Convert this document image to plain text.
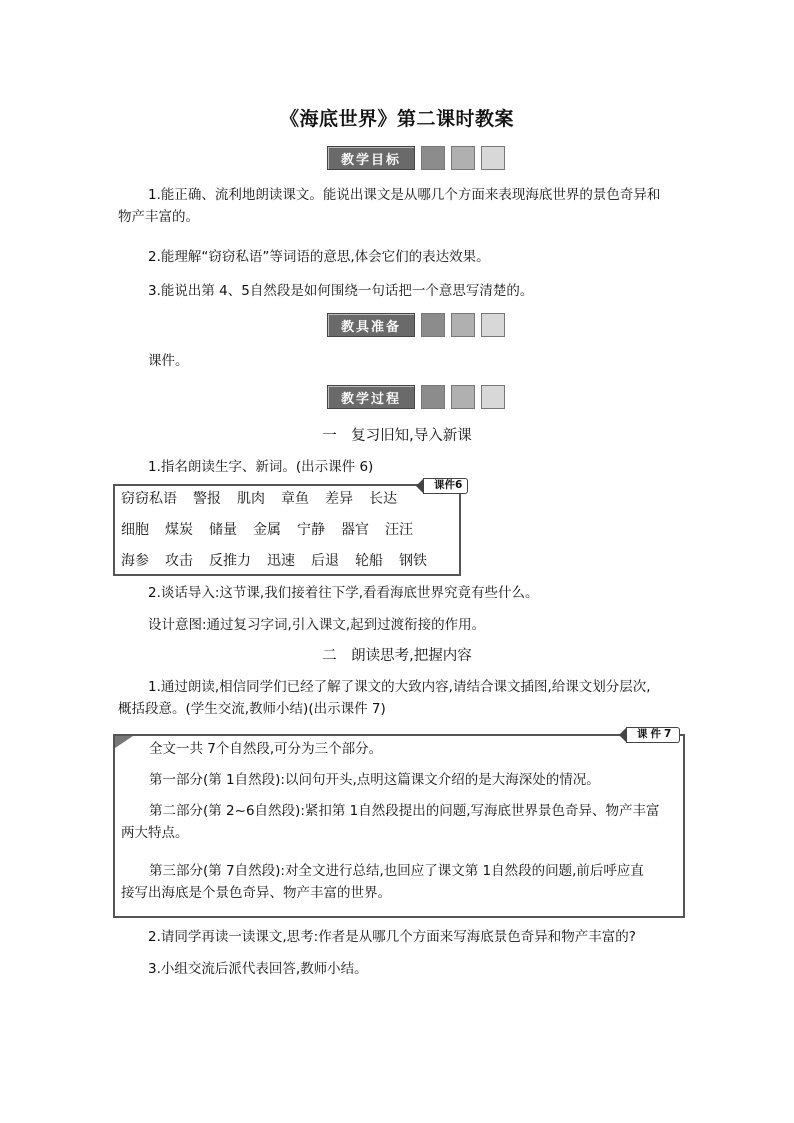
《海底世界》第二课时教案
教学目标
1.能正确、流利地朗读课文。能说出课文是从哪几个方面来表现海底世界的景色奇异和
物产丰富的。
2.能理解“窃窃私语”等词语的意思,体会它们的表达效果。
3.能说出第 4、5自然段是如何围绕一句话把一个意思写清楚的。
教具准备
课件。
教学过程
一　复习旧知,导入新课
1.指名朗读生字、新词。(出示课件 6)
窃窃私语 警报 肌肉 章鱼 差异 长达
细胞 煤炭 储量 金属 宁静 器官 汪汪
海参 攻击 反推力 迅速 后退 轮船 钢铁
课件6
2.谈话导入:这节课,我们接着往下学,看看海底世界究竟有些什么。
设计意图:通过复习字词,引入课文,起到过渡衔接的作用。
二　朗读思考,把握内容
1.通过朗读,相信同学们已经了解了课文的大致内容,请结合课文插图,给课文划分层次,
概括段意。(学生交流,教师小结)(出示课件 7)
全文一共 7个自然段,可分为三个部分。
第一部分(第 1自然段):以问句开头,点明这篇课文介绍的是大海深处的情况。
第二部分(第 2~6自然段):紧扣第 1自然段提出的问题,写海底世界景色奇异、物产丰富
两大特点。
第三部分(第 7自然段):对全文进行总结,也回应了课文第 1自然段的问题,前后呼应直
接写出海底是个景色奇异、物产丰富的世界。
课件7
2.请同学再读一读课文,思考:作者是从哪几个方面来写海底景色奇异和物产丰富的?
3.小组交流后派代表回答,教师小结。
